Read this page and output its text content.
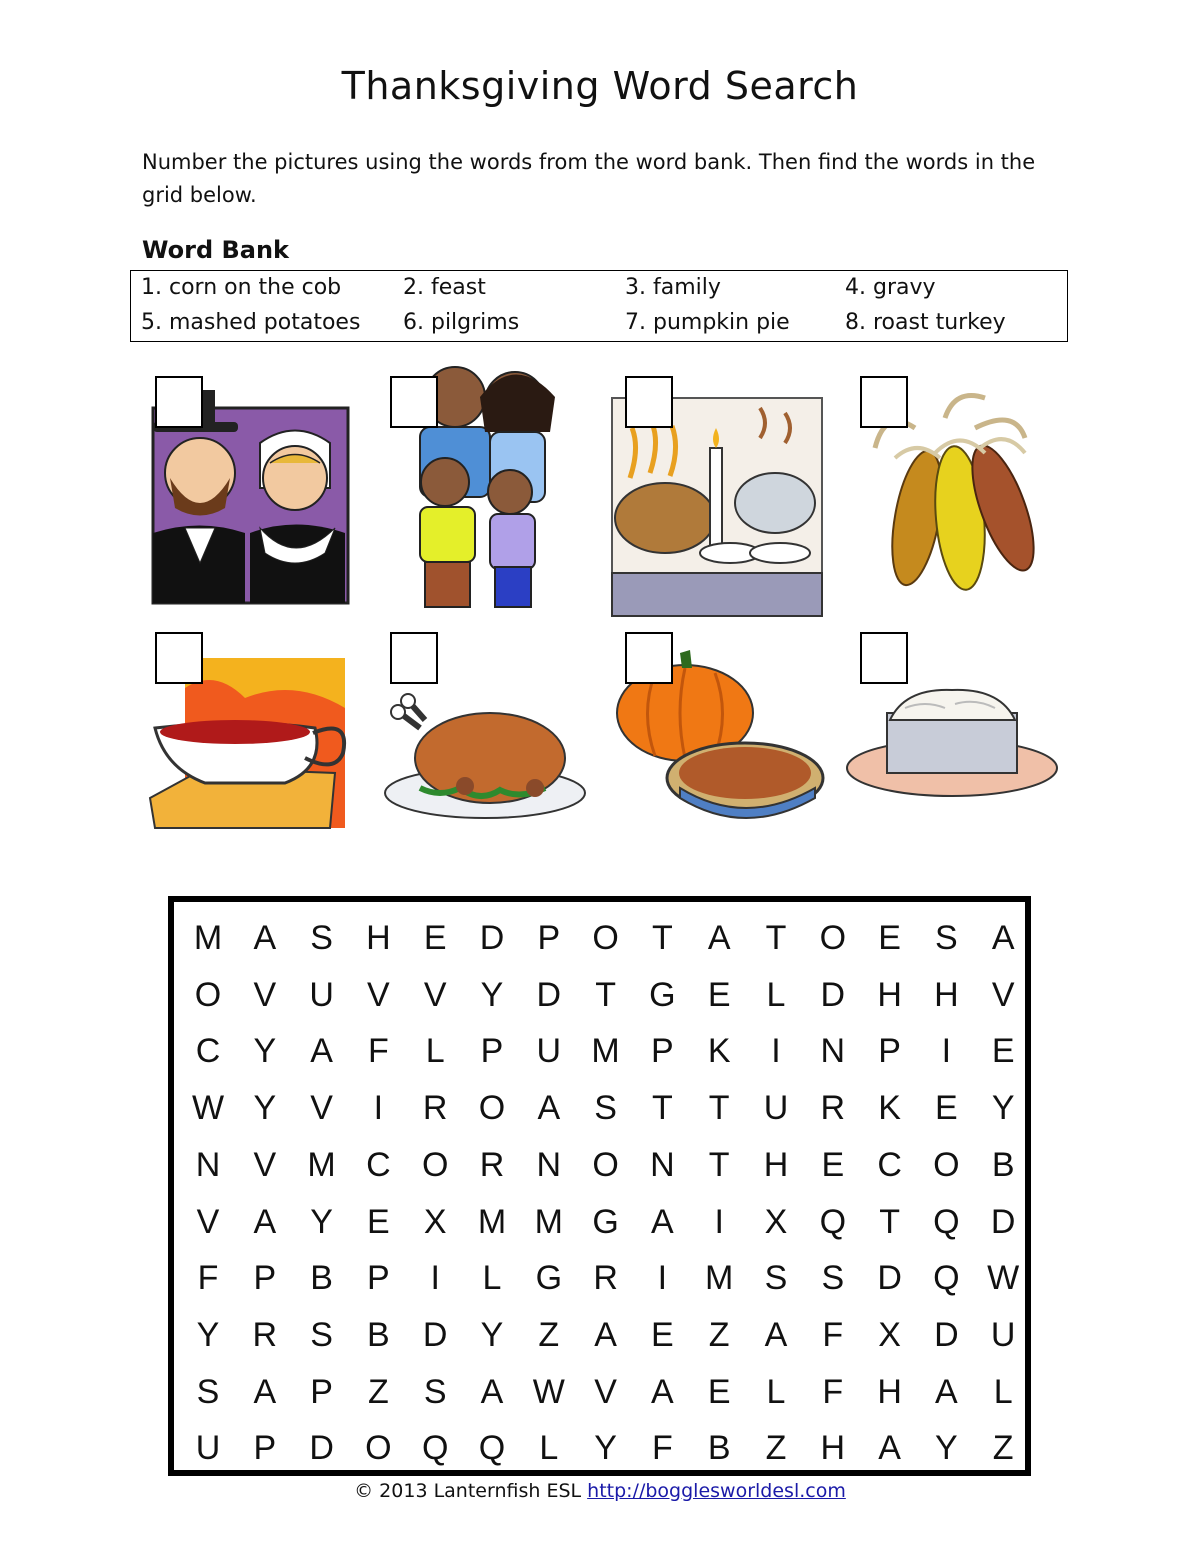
Thanksgiving Word Search
Number the pictures using the words from the word bank. Then find the words in the grid below.
Word Bank
1. corn on the cob	2. feast	3. family	4. gravy
5. mashed potatoes 6. pilgrims	7. pumpkin pie	8. roast turkey
M A	S H E D P O T	A	T O E	S	A
O V U V	V	Y D	T G E	L	D H H V
C Y	A	F	L	P U M P	K	I	N P	I	E
W Y	V	I	R O A	S	T	T	U R K	E	Y
N V M C O R N O N	T	H E C O B
V	A	Y	E	X M M G A	I	X Q T Q D
F	P	B	P	I	L	G R	I	M S	S D Q W
Y R S	B D Y	Z	A	E	Z	A	F	X D U
S	A	P	Z	S	A W V	A	E	L	F	H A	L
U P D O Q Q	L	Y	F	B	Z	H A	Y	Z
© 2013 Lanternfish ESL http://bogglesworldesl.com
